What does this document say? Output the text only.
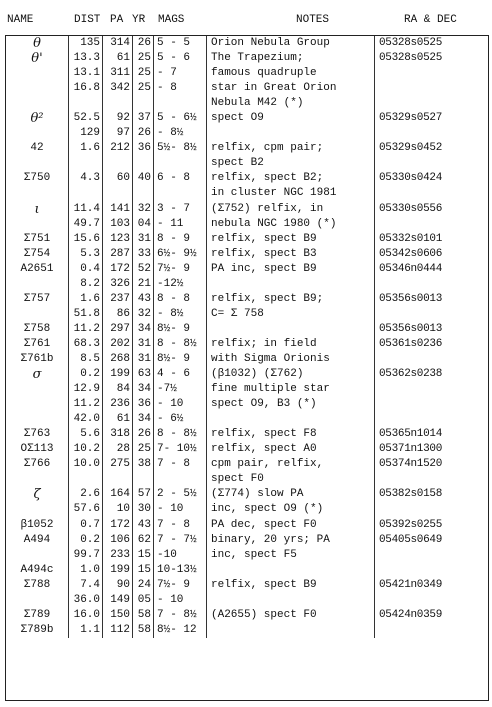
NAME	DIST PA YR MAGS	NOTES	RA & DEC
θ	135 314 26 5 - 5	Orion Nebula Group	05328s0525
θ'	13.3	61 25 5 - 6	The Trapezium;	05328s0525
13.1 311 25 - 7	famous quadruple
16.8 342 25 - 8	star in Great Orion
Nebula M42 (*)
θ²	52.5	92 37 5 - 6½	spect O9	05329s0527
129	97 26 - 8½
42	1.6 212 36 5½- 8½	relfix, cpm pair;	05329s0452
spect B2
Σ750	4.3	60 40 6 - 8	relfix, spect B2;	05330s0424
in cluster NGC 1981
ι	11.4 141 32 3 - 7	(Σ752) relfix, in	05330s0556
49.7 103 04 - 11	nebula NGC 1980 (*)
Σ751	15.6 123 31 8 - 9	relfix, spect B9	05332s0101
Σ754	5.3 287 33 6½- 9½	relfix, spect B3	05342s0606
A2651	0.4 172 52 7½- 9	PA inc, spect B9	05346n0444
8.2 326 21 -12½
Σ757	1.6 237 43 8 - 8	relfix, spect B9;	05356s0013
51.8	86 32 - 8½	C= Σ 758
Σ758	11.2 297 34 8½- 9	05356s0013
Σ761	68.3 202 31 8 - 8½	relfix; in field	05361s0236
Σ761b	8.5 268 31 8½- 9	with Sigma Orionis
σ	0.2 199 63 4 - 6	(β1032) (Σ762)	05362s0238
12.9	84 34 -7½	fine multiple star
11.2 236 36 - 10	spect O9, B3 (*)
42.0	61 34 - 6½
Σ763	5.6 318 26 8 - 8½	relfix, spect F8	05365n1014
OΣ113	10.2	28 25 7- 10½	relfix, spect A0	05371n1300
Σ766	10.0 275 38 7 - 8	cpm pair, relfix,	05374n1520
spect F0
ζ	2.6 164 57 2 - 5½	(Σ774) slow PA	05382s0158
57.6	10 30 - 10	inc, spect O9 (*)
β1052	0.7 172 43 7 - 8	PA dec, spect F0	05392s0255
A494	0.2 106 62 7 - 7½	binary, 20 yrs; PA	05405s0649
99.7 233 15 -10	inc, spect F5
A494c	1.0 199 15 10-13½
Σ788	7.4	90 24 7½- 9	relfix, spect B9	05421n0349
36.0 149 05 - 10
Σ789	16.0 150 58 7 - 8½	(A2655) spect F0	05424n0359
Σ789b	1.1 112 58 8½- 12
